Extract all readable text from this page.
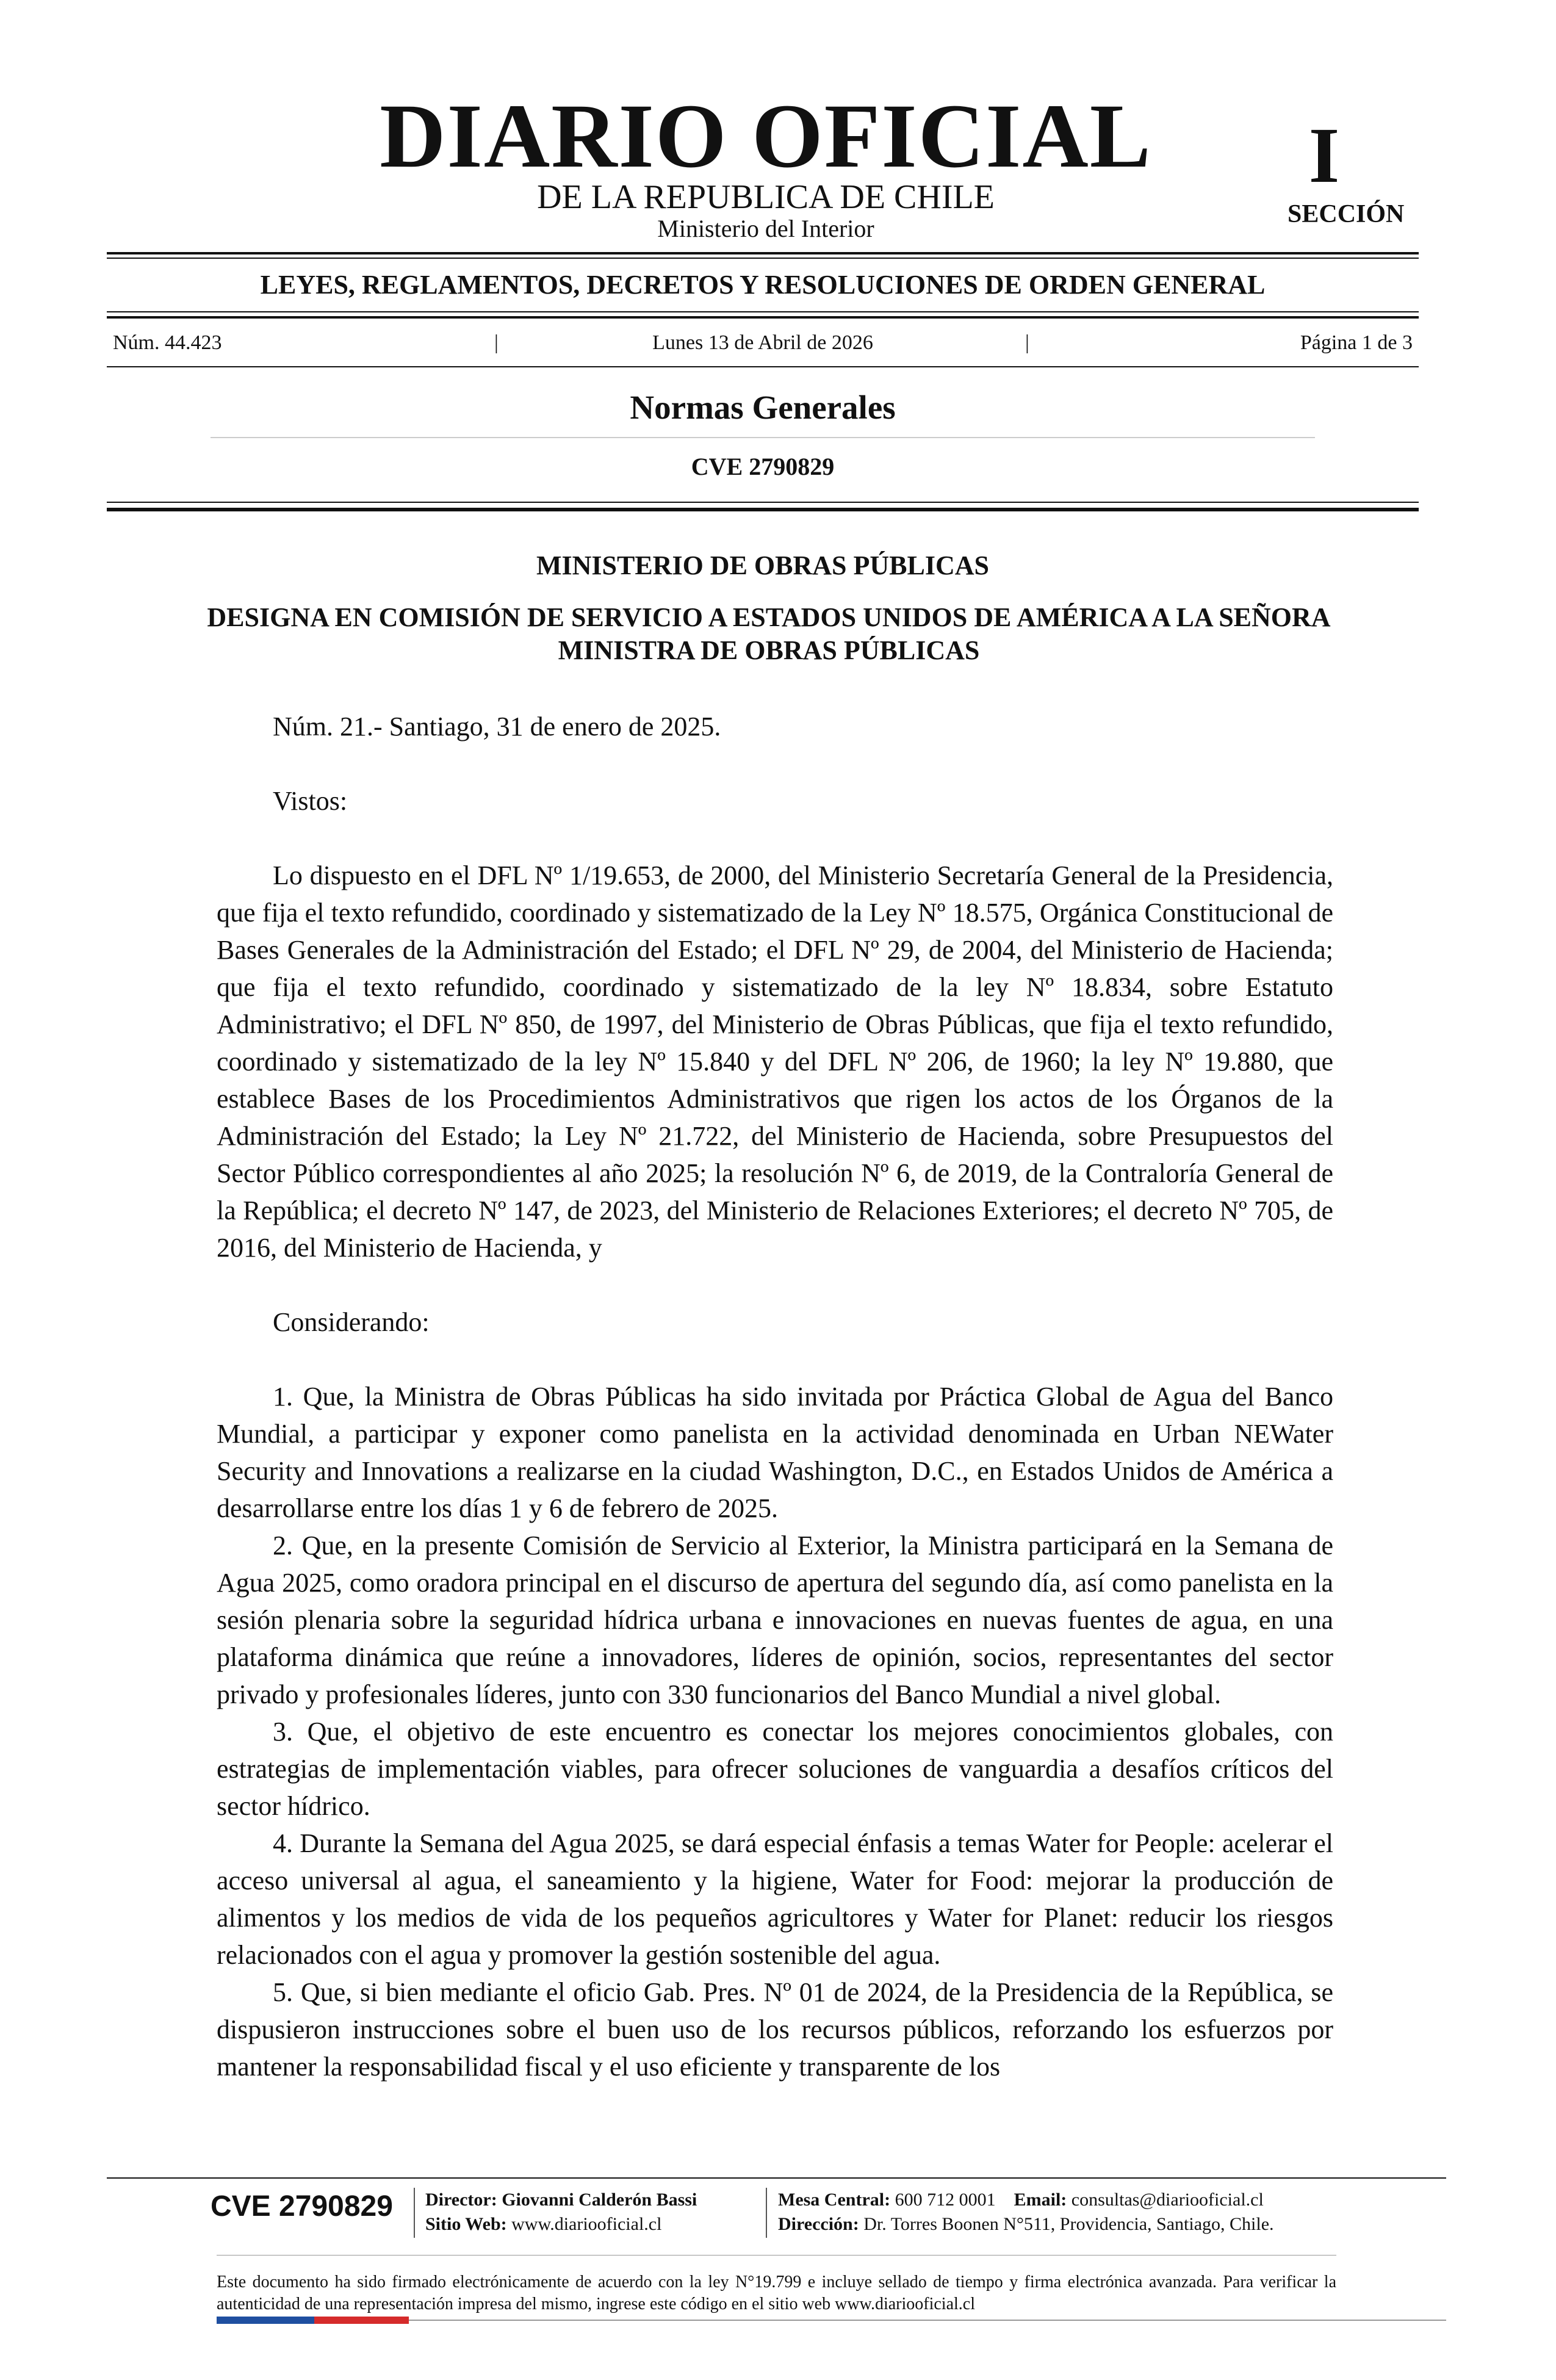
DIARIO OFICIAL
DE LA REPUBLICA DE CHILE
Ministerio del Interior
I
SECCIÓN
LEYES, REGLAMENTOS, DECRETOS Y RESOLUCIONES DE ORDEN GENERAL
Núm. 44.423	|	Lunes 13 de Abril de 2026	|	Página 1 de 3
Normas Generales
CVE 2790829
MINISTERIO DE OBRAS PÚBLICAS
DESIGNA EN COMISIÓN DE SERVICIO A ESTADOS UNIDOS DE AMÉRICA A LA SEÑORA MINISTRA DE OBRAS PÚBLICAS

Núm. 21.- Santiago, 31 de enero de 2025.

Vistos:

Lo dispuesto en el DFL Nº 1/19.653, de 2000, del Ministerio Secretaría General de la Presidencia, que fija el texto refundido, coordinado y sistematizado de la Ley Nº 18.575, Orgánica Constitucional de Bases Generales de la Administración del Estado; el DFL Nº 29, de 2004, del Ministerio de Hacienda; que fija el texto refundido, coordinado y sistematizado de la ley Nº 18.834, sobre Estatuto Administrativo; el DFL Nº 850, de 1997, del Ministerio de Obras Públicas, que fija el texto refundido, coordinado y sistematizado de la ley Nº 15.840 y del DFL Nº 206, de 1960; la ley Nº 19.880, que establece Bases de los Procedimientos Administrativos que rigen los actos de los Órganos de la Administración del Estado; la Ley Nº 21.722, del Ministerio de Hacienda, sobre Presupuestos del Sector Público correspondientes al año 2025; la resolución Nº 6, de 2019, de la Contraloría General de la República; el decreto Nº 147, de 2023, del Ministerio de Relaciones Exteriores; el decreto Nº 705, de 2016, del Ministerio de Hacienda, y

Considerando:

1. Que, la Ministra de Obras Públicas ha sido invitada por Práctica Global de Agua del Banco Mundial, a participar y exponer como panelista en la actividad denominada en Urban NEWater Security and Innovations a realizarse en la ciudad Washington, D.C., en Estados Unidos de América a desarrollarse entre los días 1 y 6 de febrero de 2025.

2. Que, en la presente Comisión de Servicio al Exterior, la Ministra participará en la Semana de Agua 2025, como oradora principal en el discurso de apertura del segundo día, así como panelista en la sesión plenaria sobre la seguridad hídrica urbana e innovaciones en nuevas fuentes de agua, en una plataforma dinámica que reúne a innovadores, líderes de opinión, socios, representantes del sector privado y profesionales líderes, junto con 330 funcionarios del Banco Mundial a nivel global.

3. Que, el objetivo de este encuentro es conectar los mejores conocimientos globales, con estrategias de implementación viables, para ofrecer soluciones de vanguardia a desafíos críticos del sector hídrico.

4. Durante la Semana del Agua 2025, se dará especial énfasis a temas Water for People: acelerar el acceso universal al agua, el saneamiento y la higiene, Water for Food: mejorar la producción de alimentos y los medios de vida de los pequeños agricultores y Water for Planet: reducir los riesgos relacionados con el agua y promover la gestión sostenible del agua.

5. Que, si bien mediante el oficio Gab. Pres. Nº 01 de 2024, de la Presidencia de la República, se dispusieron instrucciones sobre el buen uso de los recursos públicos, reforzando los esfuerzos por mantener la responsabilidad fiscal y el uso eficiente y transparente de los

CVE 2790829 Director: Giovanni Calderón Bassi
Sitio Web: www.diariooficial.cl
Mesa Central: 600 712 0001 Email: consultas@diariooficial.cl
Dirección: Dr. Torres Boonen N°511, Providencia, Santiago, Chile.
Este documento ha sido firmado electrónicamente de acuerdo con la ley N°19.799 e incluye sellado de tiempo y firma electrónica avanzada. Para verificar la autenticidad de una representación impresa del mismo, ingrese este código en el sitio web www.diariooficial.cl
